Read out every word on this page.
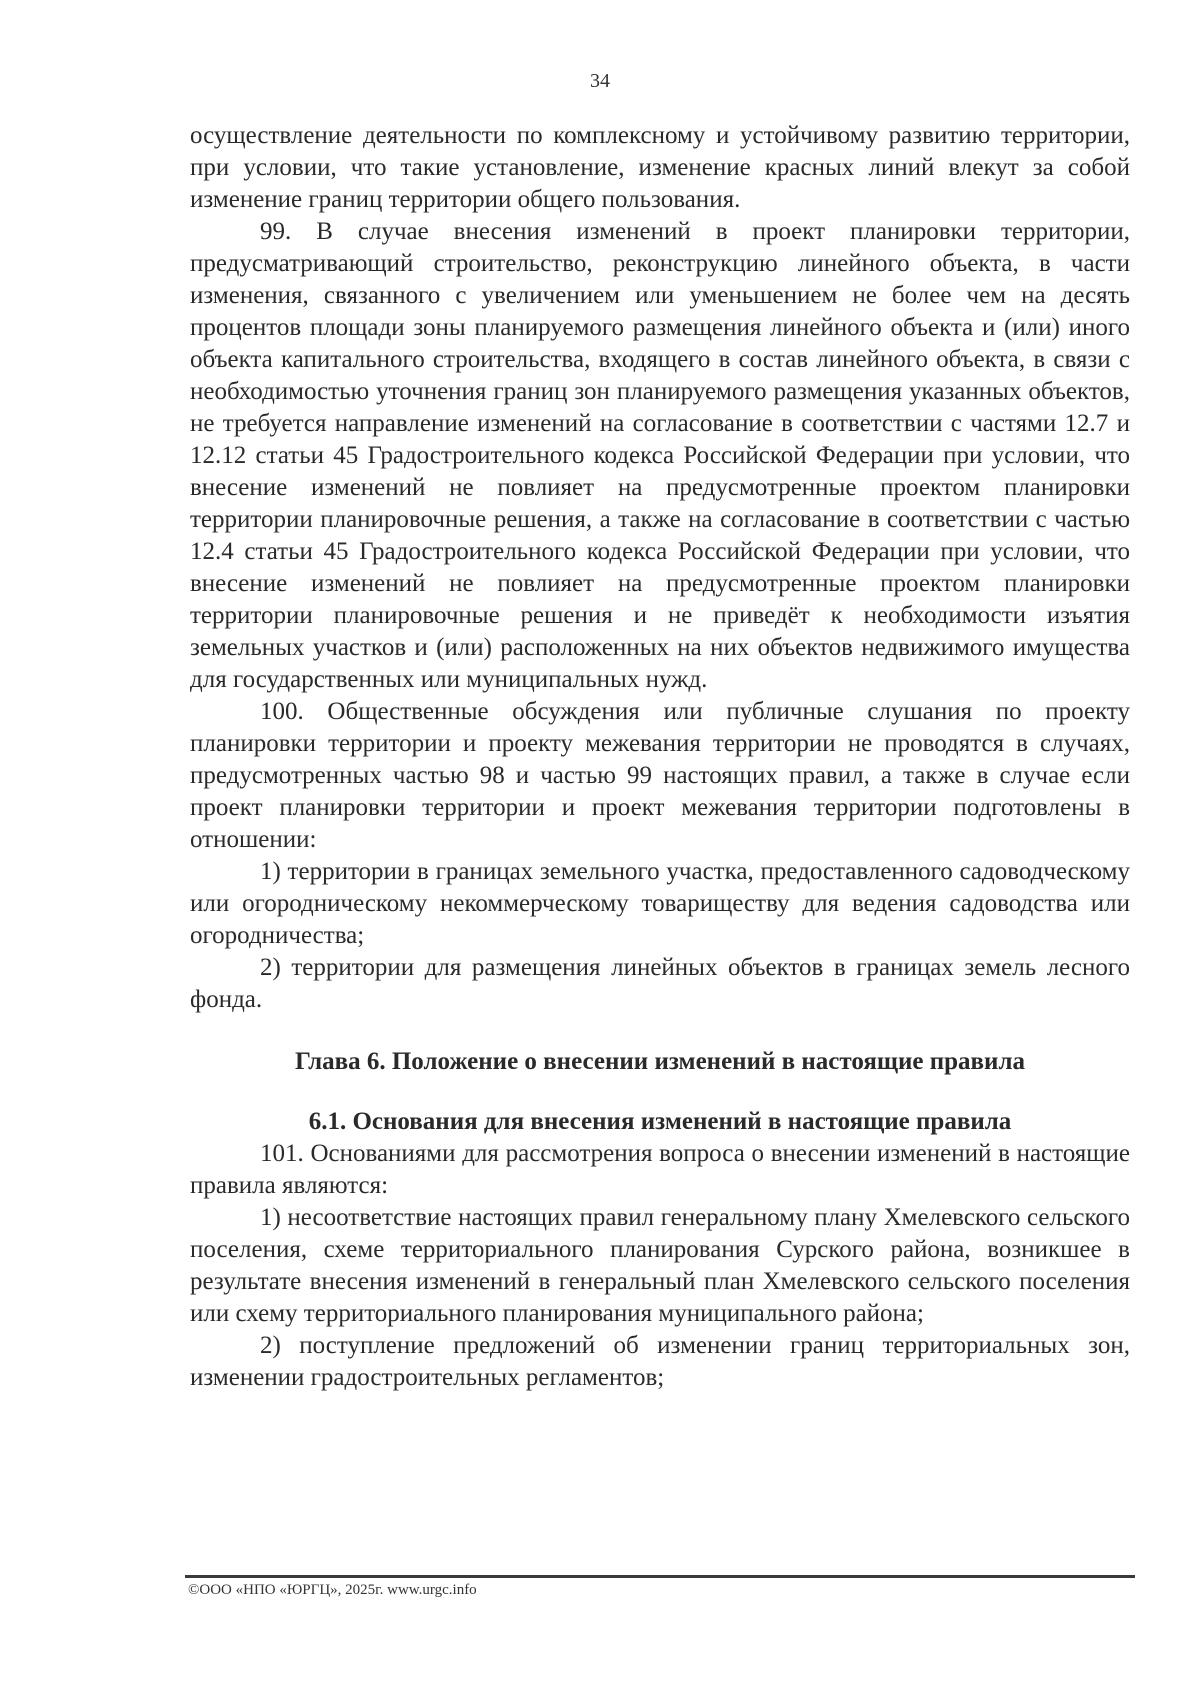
34

осуществление деятельности по комплексному и устойчивому развитию территории, при условии, что такие установление, изменение красных линий влекут за собой изменение границ территории общего пользования.

99. В случае внесения изменений в проект планировки территории, предусматривающий строительство, реконструкцию линейного объекта, в части изменения, связанного с увеличением или уменьшением не более чем на десять процентов площади зоны планируемого размещения линейного объекта и (или) иного объекта капитального строительства, входящего в состав линейного объекта, в связи с необходимостью уточнения границ зон планируемого размещения указанных объектов, не требуется направление изменений на согласование в соответствии с частями 12.7 и 12.12 статьи 45 Градостроительного кодекса Российской Федерации при условии, что внесение изменений не повлияет на предусмотренные проектом планировки территории планировочные решения, а также на согласование в соответствии с частью 12.4 статьи 45 Градостроительного кодекса Российской Федерации при условии, что внесение изменений не повлияет на предусмотренные проектом планировки территории планировочные решения и не приведёт к необходимости изъятия земельных участков и (или) расположенных на них объектов недвижимого имущества для государственных или муниципальных нужд.

100. Общественные обсуждения или публичные слушания по проекту планировки территории и проекту межевания территории не проводятся в случаях, предусмотренных частью 98 и частью 99 настоящих правил, а также в случае если проект планировки территории и проект межевания территории подготовлены в отношении:

1) территории в границах земельного участка, предоставленного садоводческому или огородническому некоммерческому товариществу для ведения садоводства или огородничества;

2) территории для размещения линейных объектов в границах земель лесного фонда.

Глава 6. Положение о внесении изменений в настоящие правила

6.1. Основания для внесения изменений в настоящие правила

101. Основаниями для рассмотрения вопроса о внесении изменений в настоящие правила являются:

1) несоответствие настоящих правил генеральному плану Хмелевского сельского поселения, схеме территориального планирования Сурского района, возникшее в результате внесения изменений в генеральный план Хмелевского сельского поселения или схему территориального планирования муниципального района;

2) поступление предложений об изменении границ территориальных зон, изменении градостроительных регламентов;

©ООО «НПО «ЮРГЦ», 2025г. www.urgc.info
